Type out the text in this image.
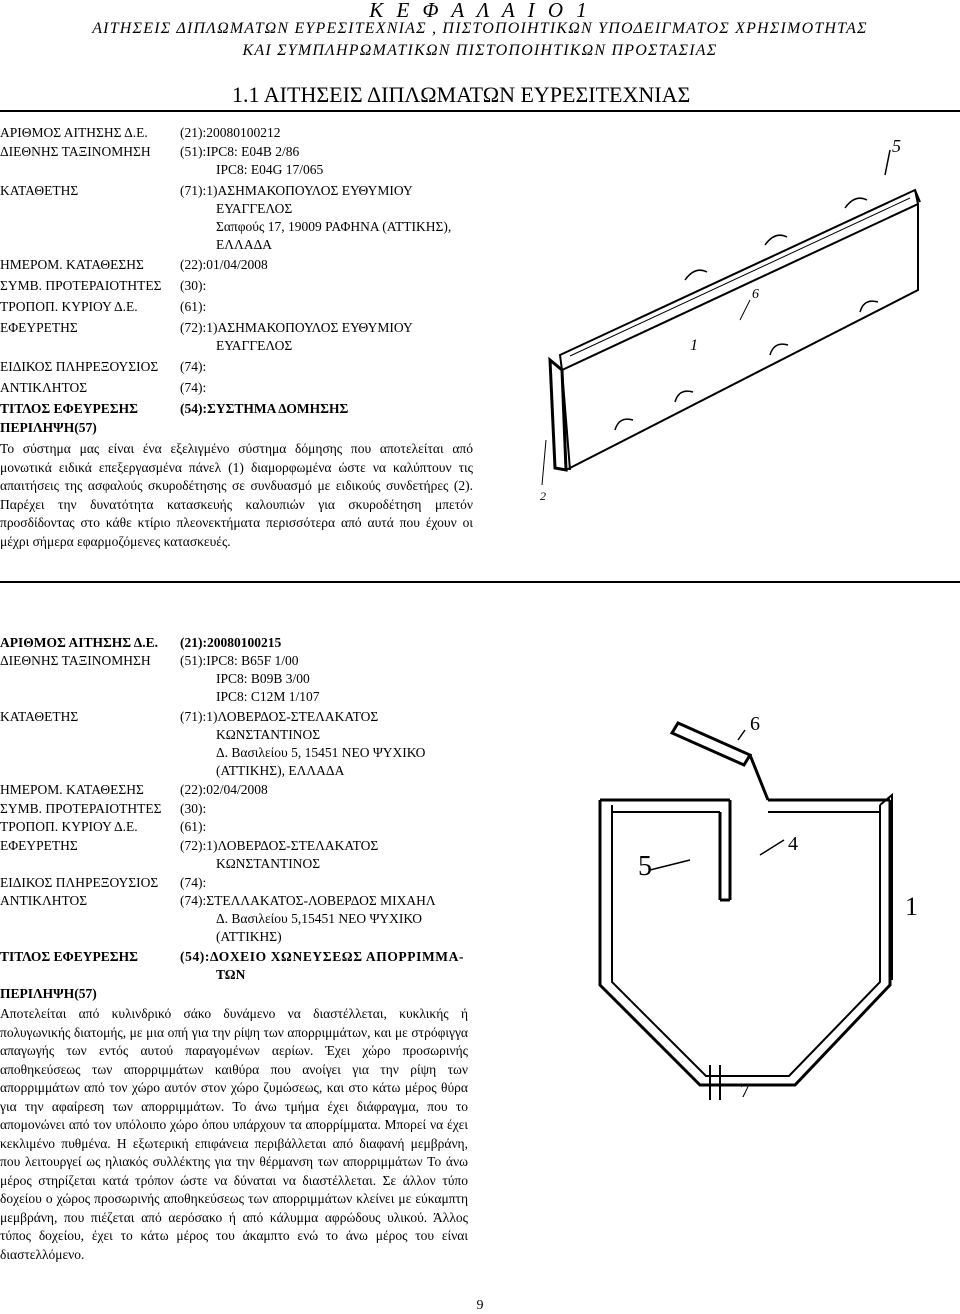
Κ Ε Φ Α Λ Α Ι Ο 1
ΑΙΤΗΣΕΙΣ ΔΙΠΛΩΜΑΤΩΝ ΕΥΡΕΣΙΤΕΧΝΙΑΣ , ΠΙΣΤΟΠΟΙΗΤΙΚΩΝ ΥΠΟΔΕΙΓΜΑΤΟΣ ΧΡΗΣΙΜΟΤΗΤΑΣ
ΚΑΙ ΣΥΜΠΛΗΡΩΜΑΤΙΚΩΝ ΠΙΣΤΟΠΟΙΗΤΙΚΩΝ ΠΡΟΣΤΑΣΙΑΣ
1.1 ΑΙΤΗΣΕΙΣ ΔΙΠΛΩΜΑΤΩΝ ΕΥΡΕΣΙΤΕΧΝΙΑΣ
ΑΡΙΘΜΟΣ ΑΙΤΗΣΗΣ Δ.Ε. (21):20080100212
ΔΙΕΘΝΗΣ ΤΑΞΙΝΟΜΗΣΗ (51):IPC8: E04B 2/86
IPC8: E04G 17/065
ΚΑΤΑΘΕΤΗΣ	(71):1)ΑΣΗΜΑΚΟΠΟΥΛΟΣ ΕΥΘΥΜΙΟΥ
ΕΥΑΓΓΕΛΟΣ
Σαπφούς 17, 19009 ΡΑΦΗΝΑ (ΑΤΤΙΚΗΣ),
ΕΛΛΑΔΑ
ΗΜΕΡΟΜ. ΚΑΤΑΘΕΣΗΣ	(22):01/04/2008
ΣΥΜΒ. ΠΡΟΤΕΡΑΙΟΤΗΤΕΣ (30):
ΤΡΟΠΟΠ. ΚΥΡΙΟΥ Δ.Ε.	(61):
ΕΦΕΥΡΕΤΗΣ	(72):1)ΑΣΗΜΑΚΟΠΟΥΛΟΣ ΕΥΘΥΜΙΟΥ
ΕΥΑΓΓΕΛΟΣ
ΕΙΔΙΚΟΣ ΠΛΗΡΕΞΟΥΣΙΟΣ (74):
ΑΝΤΙΚΛΗΤΟΣ	(74):
ΤΙΤΛΟΣ ΕΦΕΥΡΕΣΗΣ	(54):ΣΥΣΤΗΜΑ ΔΟΜΗΣΗΣ
ΠΕΡΙΛΗΨΗ(57)
Το σύστημα μας είναι ένα εξελιγμένο σύστημα δόμησης που αποτελείται από μονωτικά ειδικά επεξεργασμένα πάνελ (1) διαμορφωμένα ώστε να καλύπτουν τις απαιτήσεις της ασφαλούς σκυροδέτησης σε συνδυασμό με ειδικούς συνδετήρες (2). Παρέχει την δυνατότητα κατασκευής καλουπιών για σκυροδέτηση μπετόν προσδίδοντας στο κάθε κτίριο πλεονεκτήματα περισσότερα από αυτά που έχουν οι μέχρι σήμερα εφαρμοζόμενες κατασκευές.
5
6
1
2
ΑΡΙΘΜΟΣ ΑΙΤΗΣΗΣ Δ.Ε. (21):20080100215
ΔΙΕΘΝΗΣ ΤΑΞΙΝΟΜΗΣΗ (51):IPC8: B65F 1/00
IPC8: B09B 3/00
IPC8: C12M 1/107
ΚΑΤΑΘΕΤΗΣ	(71):1)ΛΟΒΕΡΔΟΣ-ΣΤΕΛΑΚΑΤΟΣ
ΚΩΝΣΤΑΝΤΙΝΟΣ
Δ. Βασιλείου 5, 15451 ΝΕΟ ΨΥΧΙΚΟ
(ΑΤΤΙΚΗΣ), ΕΛΛΑΔΑ
ΗΜΕΡΟΜ. ΚΑΤΑΘΕΣΗΣ	(22):02/04/2008
ΣΥΜΒ. ΠΡΟΤΕΡΑΙΟΤΗΤΕΣ (30):
ΤΡΟΠΟΠ. ΚΥΡΙΟΥ Δ.Ε.	(61):
ΕΦΕΥΡΕΤΗΣ	(72):1)ΛΟΒΕΡΔΟΣ-ΣΤΕΛΑΚΑΤΟΣ
ΚΩΝΣΤΑΝΤΙΝΟΣ
ΕΙΔΙΚΟΣ ΠΛΗΡΕΞΟΥΣΙΟΣ (74):
ΑΝΤΙΚΛΗΤΟΣ	(74):ΣΤΕΛΛΑΚΑΤΟΣ-ΛΟΒΕΡΔΟΣ ΜΙΧΑΗΛ
Δ. Βασιλείου 5,15451 ΝΕΟ ΨΥΧΙΚΟ
(ΑΤΤΙΚΗΣ)
ΤΙΤΛΟΣ ΕΦΕΥΡΕΣΗΣ	(54):ΔΟΧΕΙΟ ΧΩΝΕΥΣΕΩΣ ΑΠΟΡΡΙΜΜΑ-
ΤΩΝ
ΠΕΡΙΛΗΨΗ(57)
Αποτελείται από κυλινδρικό σάκο δυνάμενο να διαστέλλεται, κυκλικής ή πολυγωνικής διατομής, με μια οπή για την ρίψη των απορριμμάτων, και με στρόφιγγα απαγωγής των εντός αυτού παραγομένων αερίων. Έχει χώρο προσωρινής αποθηκεύσεως των απορριμμάτων καιθύρα που ανοίγει για την ρίψη των απορριμμάτων από τον χώρο αυτόν στον χώρο ζυμώσεως, και στο κάτω μέρος θύρα για την αφαίρεση των απορριμμάτων. Το άνω τμήμα έχει διάφραγμα, που το απομονώνει από τον υπόλοιπο χώρο όπου υπάρχουν τα απορρίμματα. Μπορεί να έχει κεκλιμένο πυθμένα. Η εξωτερική επιφάνεια περιβάλλεται από διαφανή μεμβράνη, που λειτουργεί ως ηλιακός συλλέκτης για την θέρμανση των απορριμμάτων Το άνω μέρος στηρίζεται κατά τρόπον ώστε να δύναται να διαστέλλεται. Σε άλλον τύπο δοχείου ο χώρος προσωρινής αποθηκεύσεως των απορριμμάτων κλείνει με εύκαμπτη μεμβράνη, που πιέζεται από αερόσακο ή από κάλυμμα αφρώδους υλικού. Άλλος τύπος δοχείου, έχει το κάτω μέρος του άκαμπτο ενώ το άνω μέρος του είναι διαστελλόμενο.
6
4
5
1
7
9
